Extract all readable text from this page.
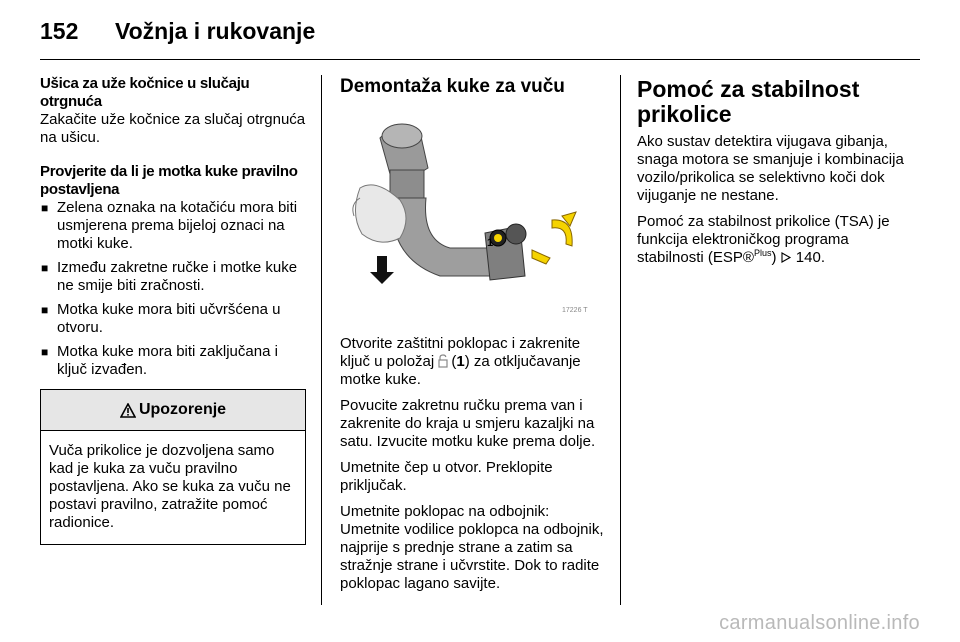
152 Vožnja i rukovanje

Ušica za uže kočnice u slučaju otrgnuća

Zakačite uže kočnice za slučaj otrgnuća na ušicu.

Provjerite da li je motka kuke pravilno postavljena

■ Zelena oznaka na kotačiću mora biti usmjerena prema bijeloj oznaci na motki kuke.
■ Između zakretne ručke i motke kuke ne smije biti zračnosti.
■ Motka kuke mora biti učvršćena u otvoru.
■ Motka kuke mora biti zaključana i ključ izvađen.
Upozorenje
Vuča prikolice je dozvoljena samo kad je kuka za vuču pravilno postavljena. Ako se kuka za vuču ne postavi pravilno, zatražite pomoć radionice.
Demontaža kuke za vuču
1
17226 T

Otvorite zaštitni poklopac i zakrenite ključ u položaj (1) za otključavanje motke kuke.

Povucite zakretnu ručku prema van i zakrenite do kraja u smjeru kazaljki na satu. Izvucite motku kuke prema dolje.

Umetnite čep u otvor. Preklopite priključak.

Umetnite poklopac na odbojnik: Umetnite vodilice poklopca na odbojnik, najprije s prednje strane a zatim sa stražnje strane i učvrstite. Dok to radite poklopac lagano savijte.

Pomoć za stabilnost prikolice

Ako sustav detektira vijugava gibanja, snaga motora se smanjuje i kombinacija vozilo/prikolica se selektivno koči dok vijuganje ne nestane.

Pomoć za stabilnost prikolice (TSA) je funkcija elektroničkog programa stabilnosti (ESP®$^{Plus}$)  140.

carmanualsonline.info
